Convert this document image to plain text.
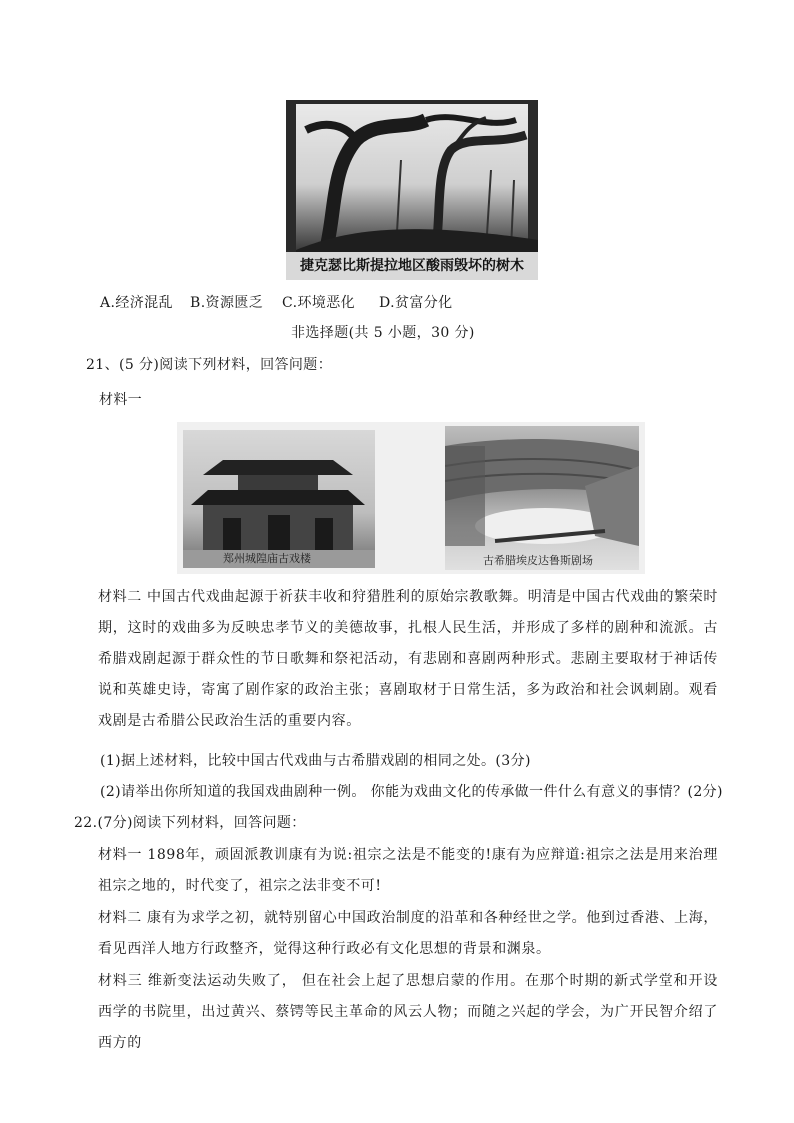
捷克瑟比斯提拉地区酸雨毁坏的树木
A.经济混乱 B.资源匮乏 C.环境恶化 D.贫富分化
非选择题(共 5 小题，30 分)
21、(5 分)阅读下列材料，回答问题：
材料一
郑州城隍庙古戏楼	古希腊埃皮达鲁斯剧场
材料二 中国古代戏曲起源于祈获丰收和狩猎胜利的原始宗教歌舞。明清是中国古代戏曲的繁荣时期，这时的戏曲多为反映忠孝节义的美德故事，扎根人民生活，并形成了多样的剧种和流派。古希腊戏剧起源于群众性的节日歌舞和祭祀活动，有悲剧和喜剧两种形式。悲剧主要取材于神话传说和英雄史诗，寄寓了剧作家的政治主张；喜剧取材于日常生活，多为政治和社会讽刺剧。观看戏剧是古希腊公民政治生活的重要内容。
(1)据上述材料，比较中国古代戏曲与古希腊戏剧的相同之处。(3分)
(2)请举出你所知道的我国戏曲剧种一例。 你能为戏曲文化的传承做一件什么有意义的事情？(2分)
22.(7分)阅读下列材料，回答问题：
材料一 1898年，顽固派教训康有为说:祖宗之法是不能变的!康有为应辩道:祖宗之法是用来治理祖宗之地的，时代变了，祖宗之法非变不可!
材料二 康有为求学之初，就特别留心中国政治制度的沿革和各种经世之学。他到过香港、上海，看见西洋人地方行政整齐，觉得这种行政必有文化思想的背景和渊泉。
材料三 维新变法运动失败了， 但在社会上起了思想启蒙的作用。在那个时期的新式学堂和开设西学的书院里，出过黄兴、蔡锷等民主革命的风云人物；而随之兴起的学会，为广开民智介绍了西方的
